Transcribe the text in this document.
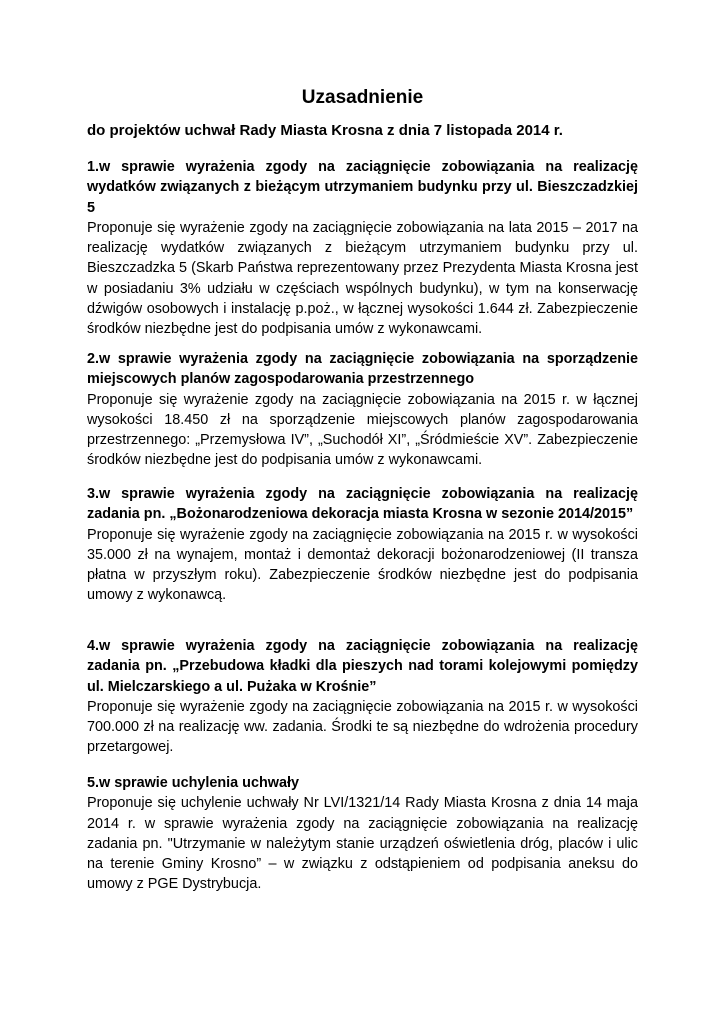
Uzasadnienie

do projektów uchwał Rady Miasta Krosna z dnia 7 listopada 2014 r.

1.w sprawie wyrażenia zgody na zaciągnięcie zobowiązania na realizację wydatków związanych z bieżącym utrzymaniem budynku przy ul. Bieszczadzkiej 5

Proponuje się wyrażenie zgody na zaciągnięcie zobowiązania na lata 2015 – 2017 na realizację wydatków związanych z bieżącym utrzymaniem budynku przy ul. Bieszczadzka 5 (Skarb Państwa reprezentowany przez Prezydenta Miasta Krosna jest w posiadaniu 3% udziału w częściach wspólnych budynku), w tym na konserwację dźwigów osobowych i instalację p.poż., w łącznej wysokości 1.644 zł. Zabezpieczenie środków niezbędne jest do podpisania umów z wykonawcami.

2.w sprawie wyrażenia zgody na zaciągnięcie zobowiązania na sporządzenie miejscowych planów zagospodarowania przestrzennego

Proponuje się wyrażenie zgody na zaciągnięcie zobowiązania na 2015 r. w łącznej wysokości 18.450 zł na sporządzenie miejscowych planów zagospodarowania przestrzennego: „Przemysłowa IV”, „Suchodół XI”, „Śródmieście XV”. Zabezpieczenie środków niezbędne jest do podpisania umów z wykonawcami.

3.w sprawie wyrażenia zgody na zaciągnięcie zobowiązania na realizację zadania pn. „Bożonarodzeniowa dekoracja miasta Krosna w sezonie 2014/2015”

Proponuje się wyrażenie zgody na zaciągnięcie zobowiązania na 2015 r. w wysokości 35.000 zł na wynajem, montaż i demontaż dekoracji bożonarodzeniowej (II transza płatna w przyszłym roku). Zabezpieczenie środków niezbędne jest do podpisania umowy z wykonawcą.

4.w sprawie wyrażenia zgody na zaciągnięcie zobowiązania na realizację zadania pn. „Przebudowa kładki dla pieszych nad torami kolejowymi pomiędzy ul. Mielczarskiego a ul. Pużaka w Krośnie”

Proponuje się wyrażenie zgody na zaciągnięcie zobowiązania na 2015 r. w wysokości 700.000 zł na realizację ww. zadania. Środki te są niezbędne do wdrożenia procedury przetargowej.

5.w sprawie uchylenia uchwały

Proponuje się uchylenie uchwały Nr LVI/1321/14 Rady Miasta Krosna z dnia 14 maja 2014 r. w sprawie wyrażenia zgody na zaciągnięcie zobowiązania na realizację zadania pn. "Utrzymanie w należytym stanie urządzeń oświetlenia dróg, placów i ulic na terenie Gminy Krosno” – w związku z odstąpieniem od podpisania aneksu do umowy z PGE Dystrybucja.
